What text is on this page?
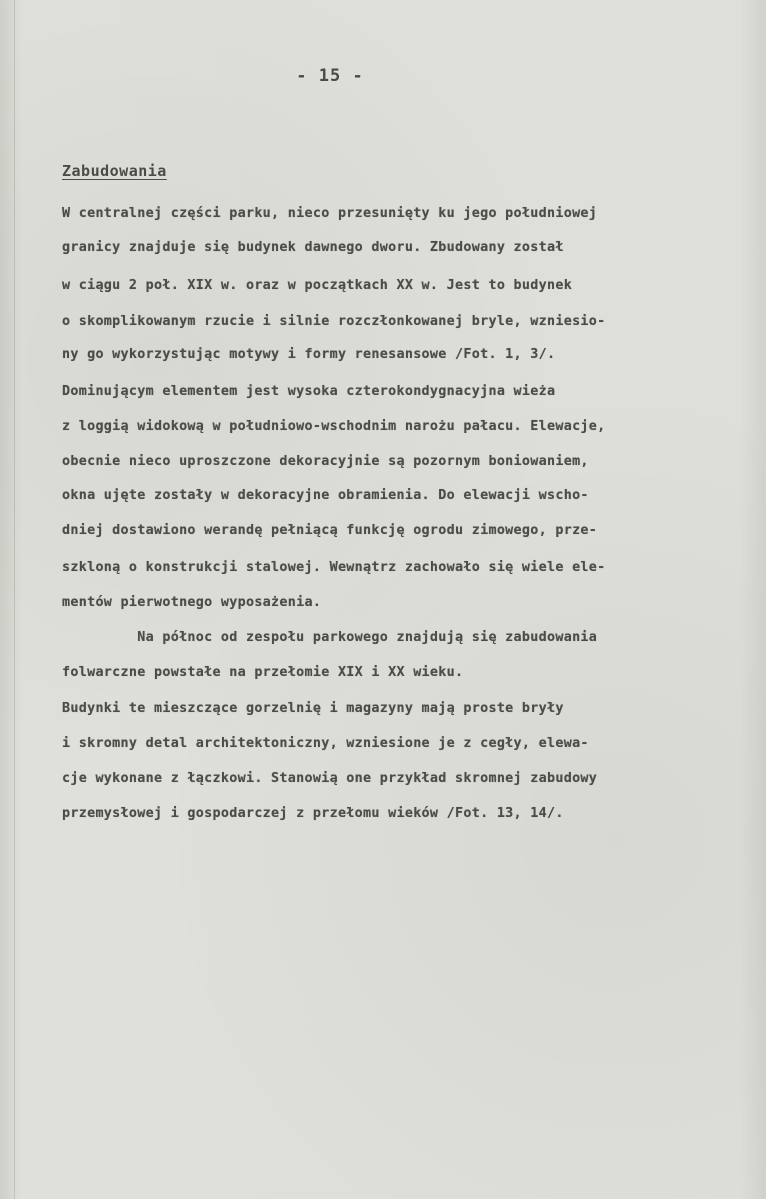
- 15 -
Zabudowania
W centralnej części parku, nieco przesunięty ku jego południowej
granicy znajduje się budynek dawnego dworu. Zbudowany został
w ciągu 2 poł. XIX w. oraz w początkach XX w. Jest to budynek
o skomplikowanym rzucie i silnie rozczłonkowanej bryle, wzniesio-
ny go wykorzystując motywy i formy renesansowe /Fot. 1, 3/.
Dominującym elementem jest wysoka czterokondygnacyjna wieża
z loggią widokową w południowo-wschodnim narożu pałacu. Elewacje,
obecnie nieco uproszczone dekoracyjnie są pozornym boniowaniem,
okna ujęte zostały w dekoracyjne obramienia. Do elewacji wscho-
dniej dostawiono werandę pełniącą funkcję ogrodu zimowego, prze-
szkloną o konstrukcji stalowej. Wewnątrz zachowało się wiele ele-
mentów pierwotnego wyposażenia.
Na północ od zespołu parkowego znajdują się zabudowania
folwarczne powstałe na przełomie XIX i XX wieku.
Budynki te mieszczące gorzelnię i magazyny mają proste bryły
i skromny detal architektoniczny, wzniesione je z cegły, elewa-
cje wykonane z łączkowi. Stanowią one przykład skromnej zabudowy
przemysłowej i gospodarczej z przełomu wieków /Fot. 13, 14/.
